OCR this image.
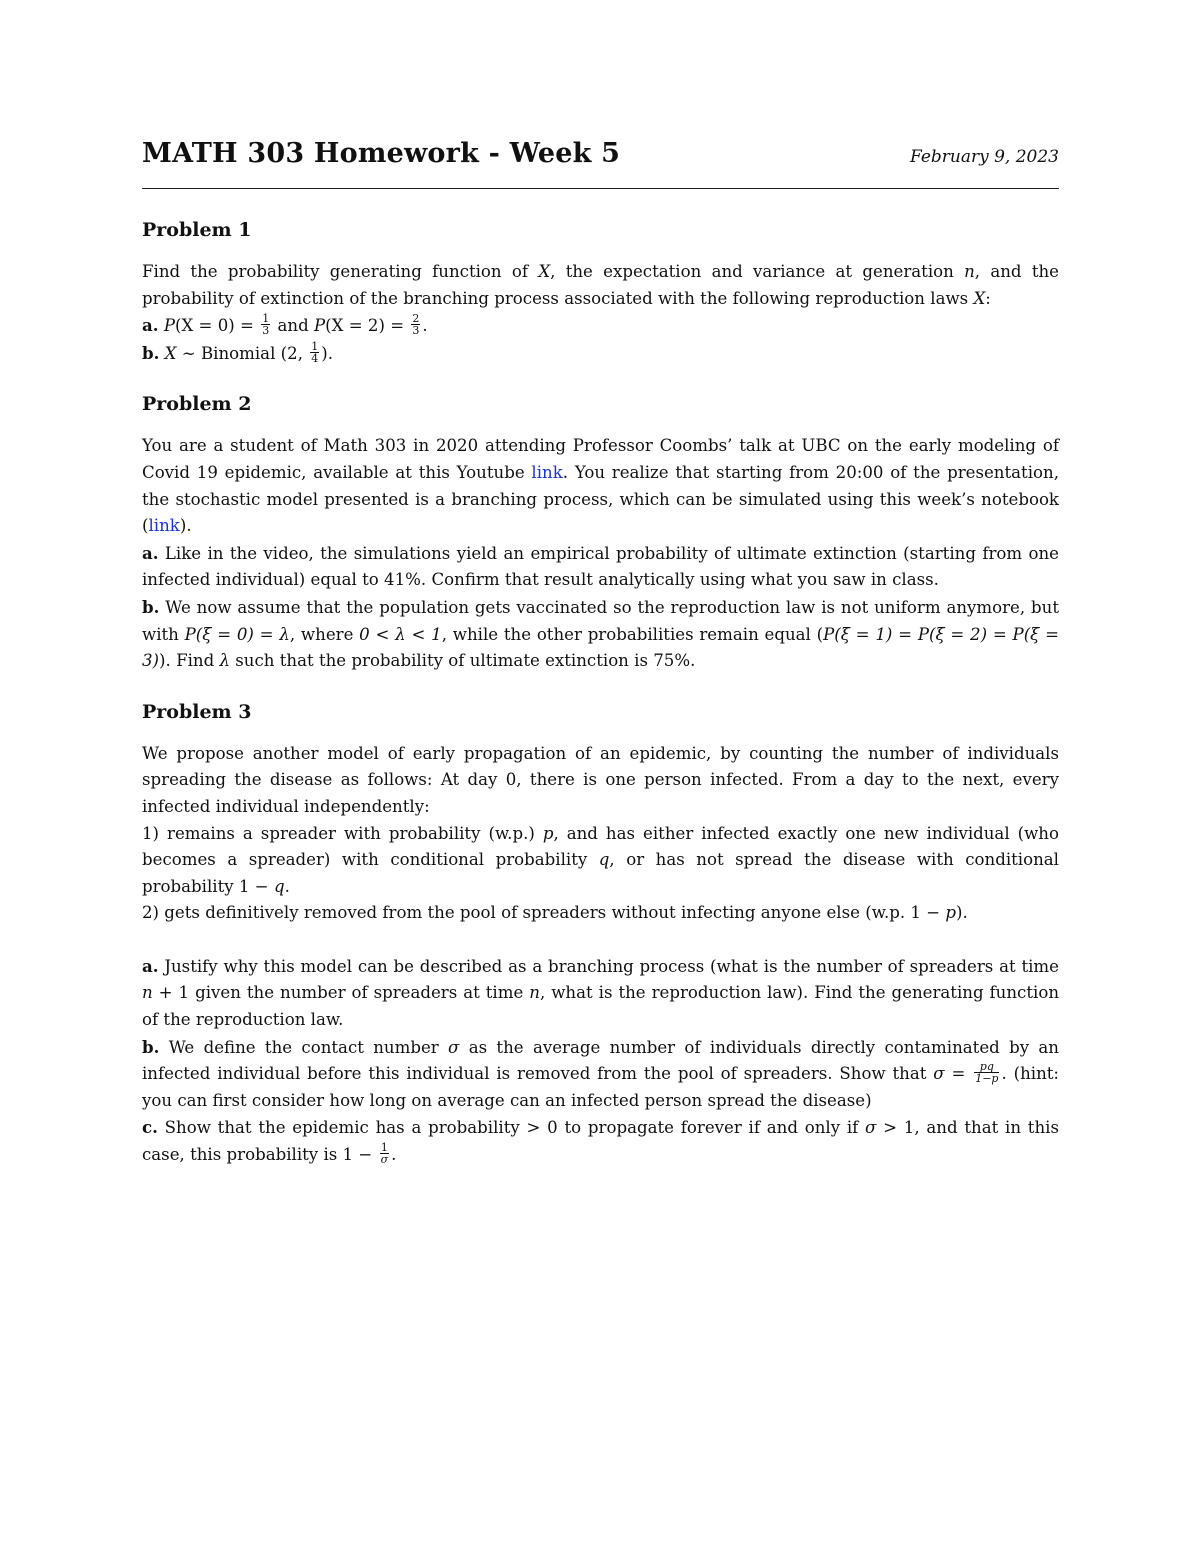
MATH 303 Homework - Week 5	February 9, 2023
Problem 1

Find the probability generating function of X, the expectation and variance at generation n, and the probability of extinction of the branching process associated with the following reproduction laws X:
a. $P(X = 0) = \frac{1}{3}$ and $P(X = 2) = \frac{2}{3}$ .
b. X ∼ Binomial (2, $\frac{1}{4}$ ).

Problem 2

You are a student of Math 303 in 2020 attending Professor Coombs’ talk at UBC on the early modeling of Covid 19 epidemic, available at this Youtube link. You realize that starting from 20:00 of the presentation, the stochastic model presented is a branching process, which can be simulated using this week’s notebook (link).
a. Like in the video, the simulations yield an empirical probability of ultimate extinction (starting from one infected individual) equal to 41%. Confirm that result analytically using what you saw in class.
b. We now assume that the population gets vaccinated so the reproduction law is not uniform anymore, but with P(ξ = 0) = λ, where 0 < λ < 1, while the other probabilities remain equal (P(ξ = 1) = P(ξ = 2) = P(ξ = 3)). Find λ such that the probability of ultimate extinction is 75%.

Problem 3

We propose another model of early propagation of an epidemic, by counting the number of individuals spreading the disease as follows: At day 0, there is one person infected. From a day to the next, every infected individual independently:
1) remains a spreader with probability (w.p.) p, and has either infected exactly one new individual (who becomes a spreader) with conditional probability q, or has not spread the disease with conditional probability 1 − q.
2) gets definitively removed from the pool of spreaders without infecting anyone else (w.p. 1 − p).

a. Justify why this model can be described as a branching process (what is the number of spreaders at time n + 1 given the number of spreaders at time n, what is the reproduction law). Find the generating function of the reproduction law.
b. We define the contact number σ as the average number of individuals directly contaminated by an infected individual before this individual is removed from the pool of spreaders. Show that $\sigma = \frac{pq}{1-p}$ . (hint: you can first consider how long on average can an infected person spread the disease)
c. Show that the epidemic has a probability > 0 to propagate forever if and only if σ > 1, and that in this case, this probability is $1 - \frac{1}{\sigma}$ .
